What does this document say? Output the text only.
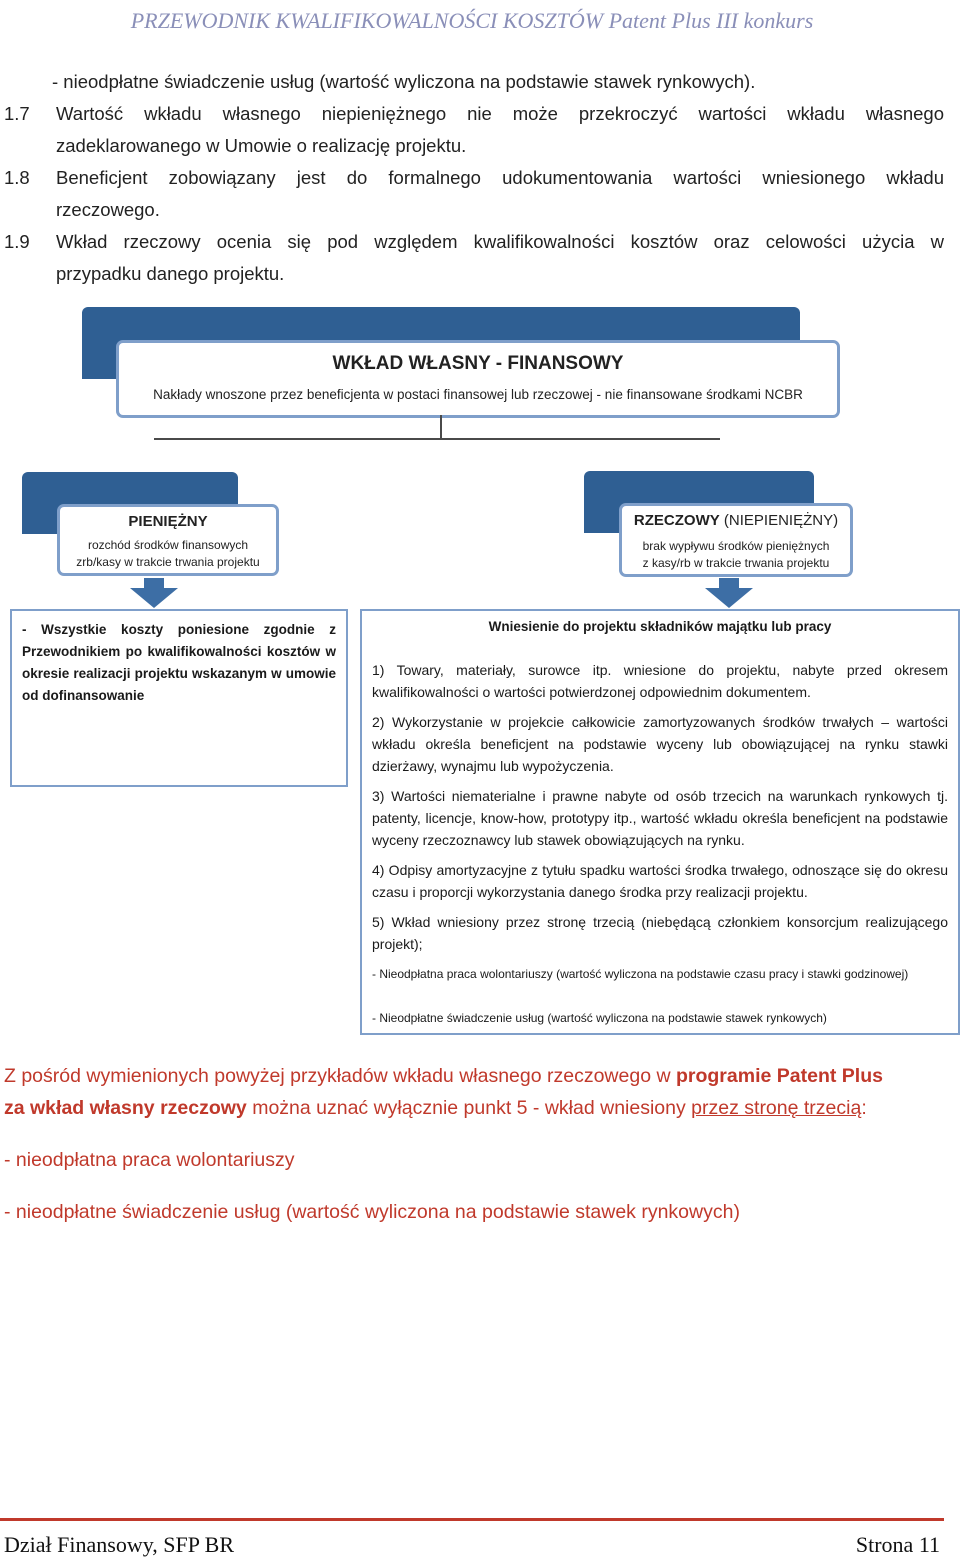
PRZEWODNIK KWALIFIKOWALNOŚCI KOSZTÓW Patent Plus III konkurs
- nieodpłatne świadczenie usług (wartość wyliczona na podstawie stawek rynkowych).
1.7 Wartość wkładu własnego niepieniężnego nie może przekroczyć wartości wkładu własnego
zadeklarowanego w Umowie o realizację projektu.
1.8 Beneficjent zobowiązany jest do formalnego udokumentowania wartości wniesionego wkładu
rzeczowego.
1.9 Wkład rzeczowy ocenia się pod względem kwalifikowalności kosztów oraz celowości użycia w
przypadku danego projektu.
WKŁAD WŁASNY - FINANSOWY
Nakłady wnoszone przez beneficjenta w postaci finansowej lub rzeczowej - nie finansowane środkami NCBR
PIENIĘŻNY
rozchód środków finansowych
zrb/kasy w trakcie trwania projektu
RZECZOWY (NIEPIENIĘŻNY)
brak wypływu środków pieniężnych
z kasy/rb w trakcie trwania projektu
- Wszystkie koszty poniesione zgodnie z Przewodnikiem po kwalifikowalności kosztów w okresie realizacji projektu wskazanym w umowie od dofinansowanie
Wniesienie do projektu składników majątku lub pracy
1) Towary, materiały, surowce itp. wniesione do projektu, nabyte przed okresem kwalifikowalności o wartości potwierdzonej odpowiednim dokumentem.
2) Wykorzystanie w projekcie całkowicie zamortyzowanych środków trwałych – wartości wkładu określa beneficjent na podstawie wyceny lub obowiązującej na rynku stawki dzierżawy, wynajmu lub wypożyczenia.
3) Wartości niematerialne i prawne nabyte od osób trzecich na warunkach rynkowych tj. patenty, licencje, know-how, prototypy itp., wartość wkładu określa beneficjent na podstawie wyceny rzeczoznawcy lub stawek obowiązujących na rynku.
4) Odpisy amortyzacyjne z tytułu spadku wartości środka trwałego, odnoszące się do okresu czasu i proporcji wykorzystania danego środka przy realizacji projektu.
5) Wkład wniesiony przez stronę trzecią (niebędącą członkiem konsorcjum realizującego projekt);
- Nieodpłatna praca wolontariuszy (wartość wyliczona na podstawie czasu pracy i stawki godzinowej)
- Nieodpłatne świadczenie usług (wartość wyliczona na podstawie stawek rynkowych)
Z pośród wymienionych powyżej przykładów wkładu własnego rzeczowego w programie Patent Plus
za wkład własny rzeczowy można uznać wyłącznie punkt 5 - wkład wniesiony przez stronę trzecią:
- nieodpłatna praca wolontariuszy
- nieodpłatne świadczenie usług (wartość wyliczona na podstawie stawek rynkowych)
Dział Finansowy, SFP BR	Strona 11
